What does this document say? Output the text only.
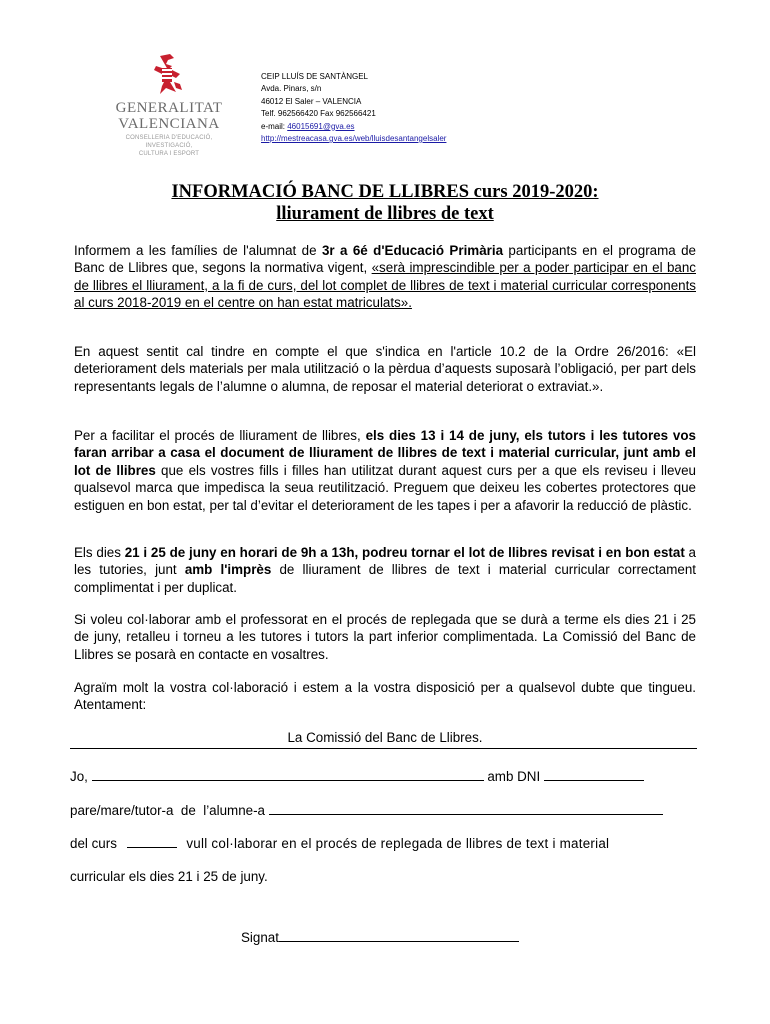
GENERALITAT
VALENCIANA
CONSELLERIA D'EDUCACIÓ, INVESTIGACIÓ,
CULTURA I ESPORT
CEIP LLUÍS DE SANTÀNGEL
Avda. Pinars, s/n
46012 El Saler – VALENCIA
Telf. 962566420 Fax 962566421
e-mail: 46015691@gva.es
http://mestreacasa.gva.es/web/lluisdesantangelsaler
INFORMACIÓ BANC DE LLIBRES curs 2019-2020:
lliurament de llibres de text
Informem a les famílies de l'alumnat de 3r a 6é d'Educació Primària participants en el programa de Banc de Llibres que, segons la normativa vigent, «serà imprescindible per a poder participar en el banc de llibres el lliurament, a la fi de curs, del lot complet de llibres de text i material curricular corresponents al curs 2018-2019 en el centre on han estat matriculats».
En aquest sentit cal tindre en compte el que s'indica en l'article 10.2 de la Ordre 26/2016: «El deteriorament dels materials per mala utilització o la pèrdua d’aquests suposarà l’obligació, per part dels representants legals de l’alumne o alumna, de reposar el material deteriorat o extraviat.».
Per a facilitar el procés de lliurament de llibres, els dies 13 i 14 de juny, els tutors i les tutores vos faran arribar a casa el document de lliurament de llibres de text i material curricular, junt amb el lot de llibres que els vostres fills i filles han utilitzat durant aquest curs per a que els reviseu i lleveu qualsevol marca que impedisca la seua reutilització. Preguem que deixeu les cobertes protectores que estiguen en bon estat, per tal d’evitar el deteriorament de les tapes i per a afavorir la reducció de plàstic.
Els dies 21 i 25 de juny en horari de 9h a 13h, podreu tornar el lot de llibres revisat i en bon estat a les tutories, junt amb l'imprès de lliurament de llibres de text i material curricular correctament complimentat i per duplicat.
Si voleu col·laborar amb el professorat en el procés de replegada que se durà a terme els dies 21 i 25 de juny, retalleu i torneu a les tutores i tutors la part inferior complimentada. La Comissió del Banc de Llibres se posarà en contacte en vosaltres.
Agraïm molt la vostra col·laboració i estem a la vostra disposició per a qualsevol dubte que tingueu. Atentament:
La Comissió del Banc de Llibres.
Jo,	amb DNI
pare/mare/tutor-a  de  l’alumne-a
del curs	vull col·laborar en el procés de replegada de llibres de text i material
curricular els dies 21 i 25 de juny.
Signat
